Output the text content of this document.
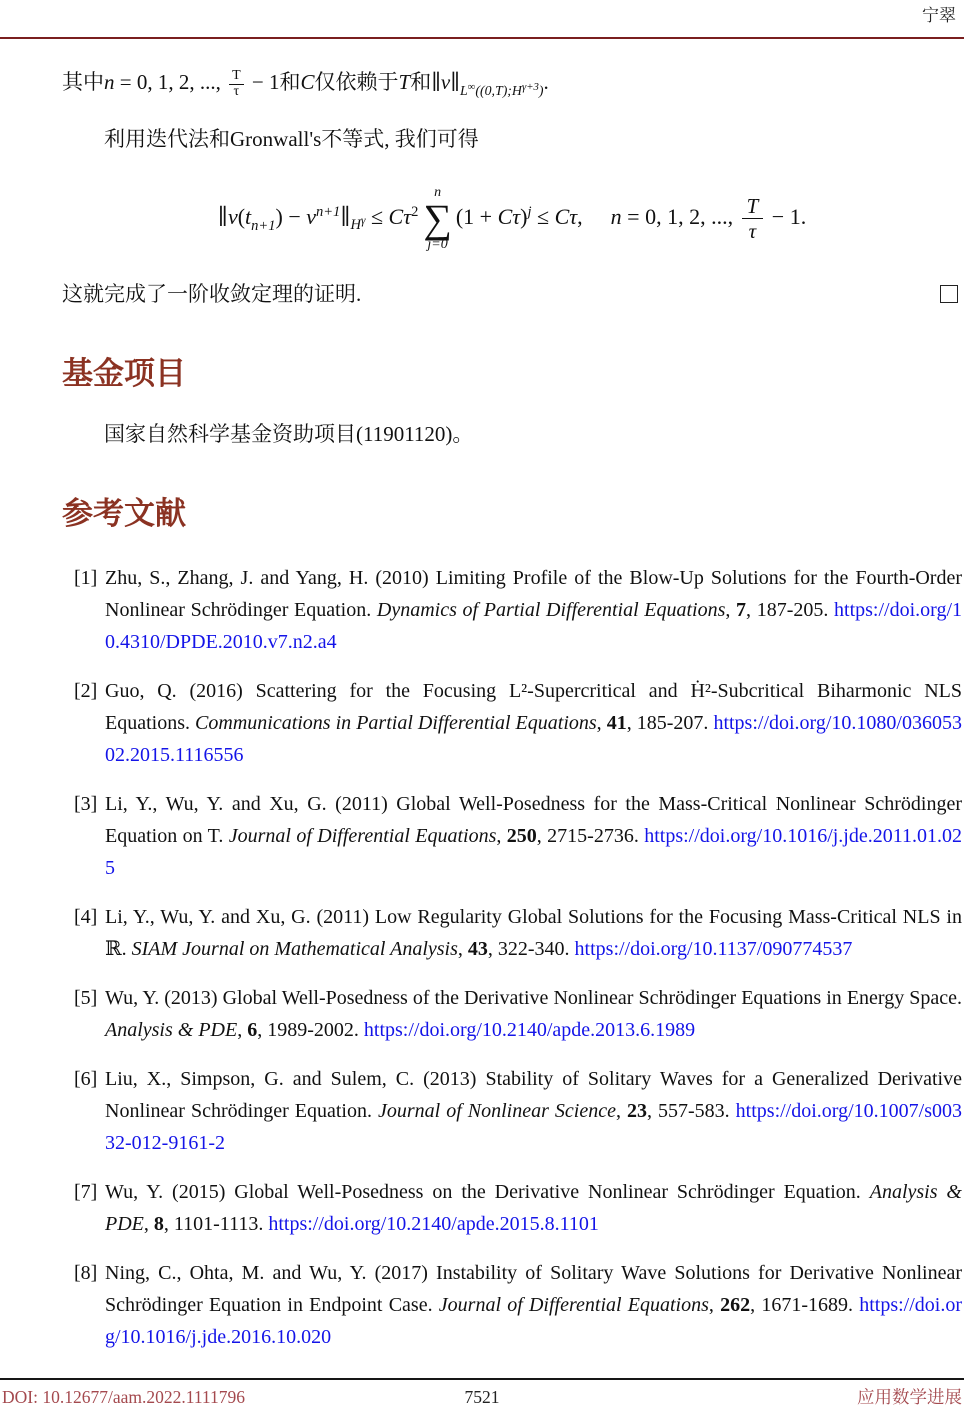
宁翠
其中n = 0, 1, 2, ..., $\frac{T}{\tau} - 1$和C仅依赖于T和$\parallel v\parallel_{L^\infty((0,T);H^{\gamma+3})}$.
利用迭代法和Gronwall's不等式, 我们可得
$\parallel v(t_{n+1})$ − $v^{n+1}\parallel_{H^\gamma} \le C\tau^2$
n
∑
j=0
$(1 + C\tau)^j \le C\tau$, n = 0, 1, 2, ..., $\frac{T}{\tau} - 1$.
这就完成了一阶收敛定理的证明.
基金项目
国家自然科学基金资助项目(11901120)。
参考文献
[1] Zhu, S., Zhang, J. and Yang, H. (2010) Limiting Profile of the Blow-Up Solutions for the Fourth-Order Nonlinear Schrödinger Equation. Dynamics of Partial Differential Equations, 7, 187-205. https://doi.org/10.4310/DPDE.2010.v7.n2.a4
[2] Guo, Q. (2016) Scattering for the Focusing L²-Supercritical and Ḣ²-Subcritical Biharmonic NLS Equations. Communications in Partial Differential Equations, 41, 185-207. https://doi.org/10.1080/03605302.2015.1116556
[3] Li, Y., Wu, Y. and Xu, G. (2011) Global Well-Posedness for the Mass-Critical Nonlinear Schrödinger Equation on T. Journal of Differential Equations, 250, 2715-2736. https://doi.org/10.1016/j.jde.2011.01.025
[4] Li, Y., Wu, Y. and Xu, G. (2011) Low Regularity Global Solutions for the Focusing Mass-Critical NLS in ℝ. SIAM Journal on Mathematical Analysis, 43, 322-340. https://doi.org/10.1137/090774537
[5] Wu, Y. (2013) Global Well-Posedness of the Derivative Nonlinear Schrödinger Equations in Energy Space. Analysis & PDE, 6, 1989-2002. https://doi.org/10.2140/apde.2013.6.1989
[6] Liu, X., Simpson, G. and Sulem, C. (2013) Stability of Solitary Waves for a Generalized Derivative Nonlinear Schrödinger Equation. Journal of Nonlinear Science, 23, 557-583. https://doi.org/10.1007/s00332-012-9161-2
[7] Wu, Y. (2015) Global Well-Posedness on the Derivative Nonlinear Schrödinger Equation. Analysis & PDE, 8, 1101-1113. https://doi.org/10.2140/apde.2015.8.1101
[8] Ning, C., Ohta, M. and Wu, Y. (2017) Instability of Solitary Wave Solutions for Derivative Nonlinear Schrödinger Equation in Endpoint Case. Journal of Differential Equations, 262, 1671-1689. https://doi.org/10.1016/j.jde.2016.10.020
DOI: 10.12677/aam.2022.1111796	7521	应用数学进展
